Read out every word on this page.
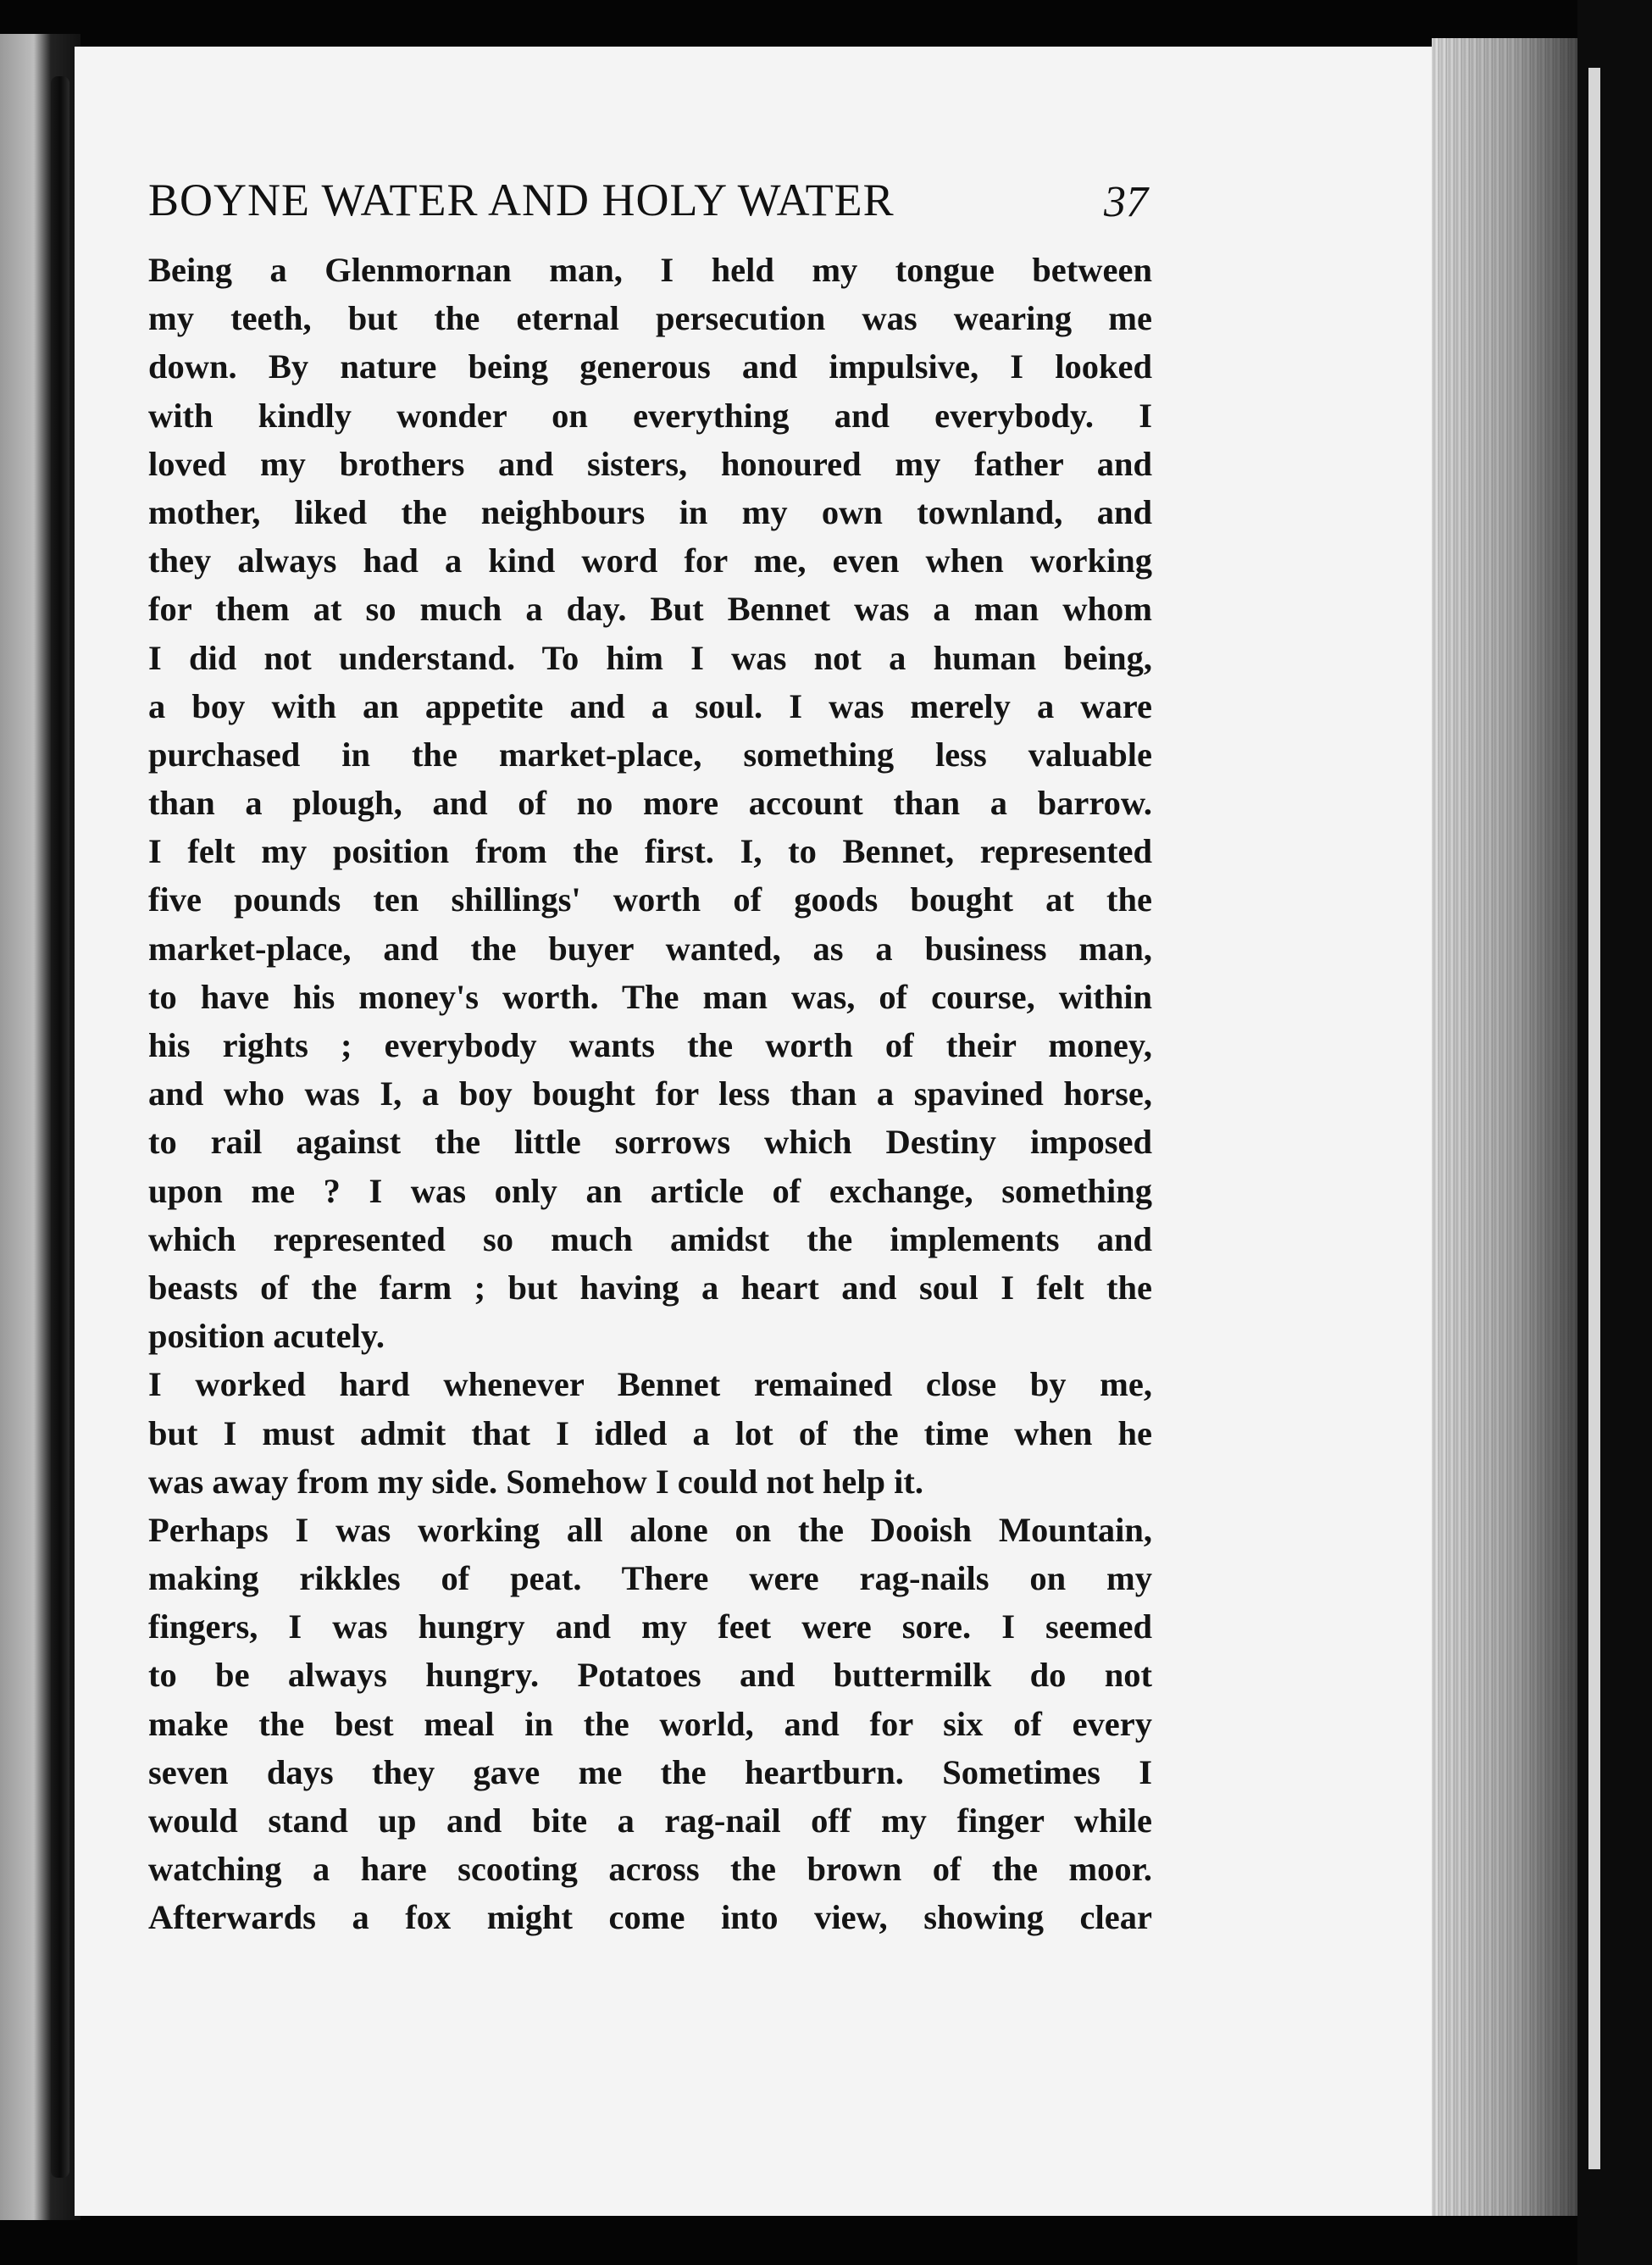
BOYNE WATER AND HOLY WATER	37
Being a Glenmornan man, I held my tongue between
my teeth, but the eternal persecution was wearing me
down. By nature being generous and impulsive, I looked
with kindly wonder on everything and everybody. I
loved my brothers and sisters, honoured my father and
mother, liked the neighbours in my own townland, and
they always had a kind word for me, even when working
for them at so much a day. But Bennet was a man whom
I did not understand. To him I was not a human being,
a boy with an appetite and a soul. I was merely a ware
purchased in the market-place, something less valuable
than a plough, and of no more account than a barrow.
I felt my position from the first. I, to Bennet, represented
five pounds ten shillings' worth of goods bought at the
market-place, and the buyer wanted, as a business man,
to have his money's worth. The man was, of course, within
his rights ; everybody wants the worth of their money,
and who was I, a boy bought for less than a spavined horse,
to rail against the little sorrows which Destiny imposed
upon me ? I was only an article of exchange, something
which represented so much amidst the implements and
beasts of the farm ; but having a heart and soul I felt the
position acutely.
I worked hard whenever Bennet remained close by me,
but I must admit that I idled a lot of the time when he
was away from my side. Somehow I could not help it.
Perhaps I was working all alone on the Dooish Mountain,
making rikkles of peat. There were rag-nails on my
fingers, I was hungry and my feet were sore. I seemed
to be always hungry. Potatoes and buttermilk do not
make the best meal in the world, and for six of every
seven days they gave me the heartburn. Sometimes I
would stand up and bite a rag-nail off my finger while
watching a hare scooting across the brown of the moor.
Afterwards a fox might come into view, showing clear
